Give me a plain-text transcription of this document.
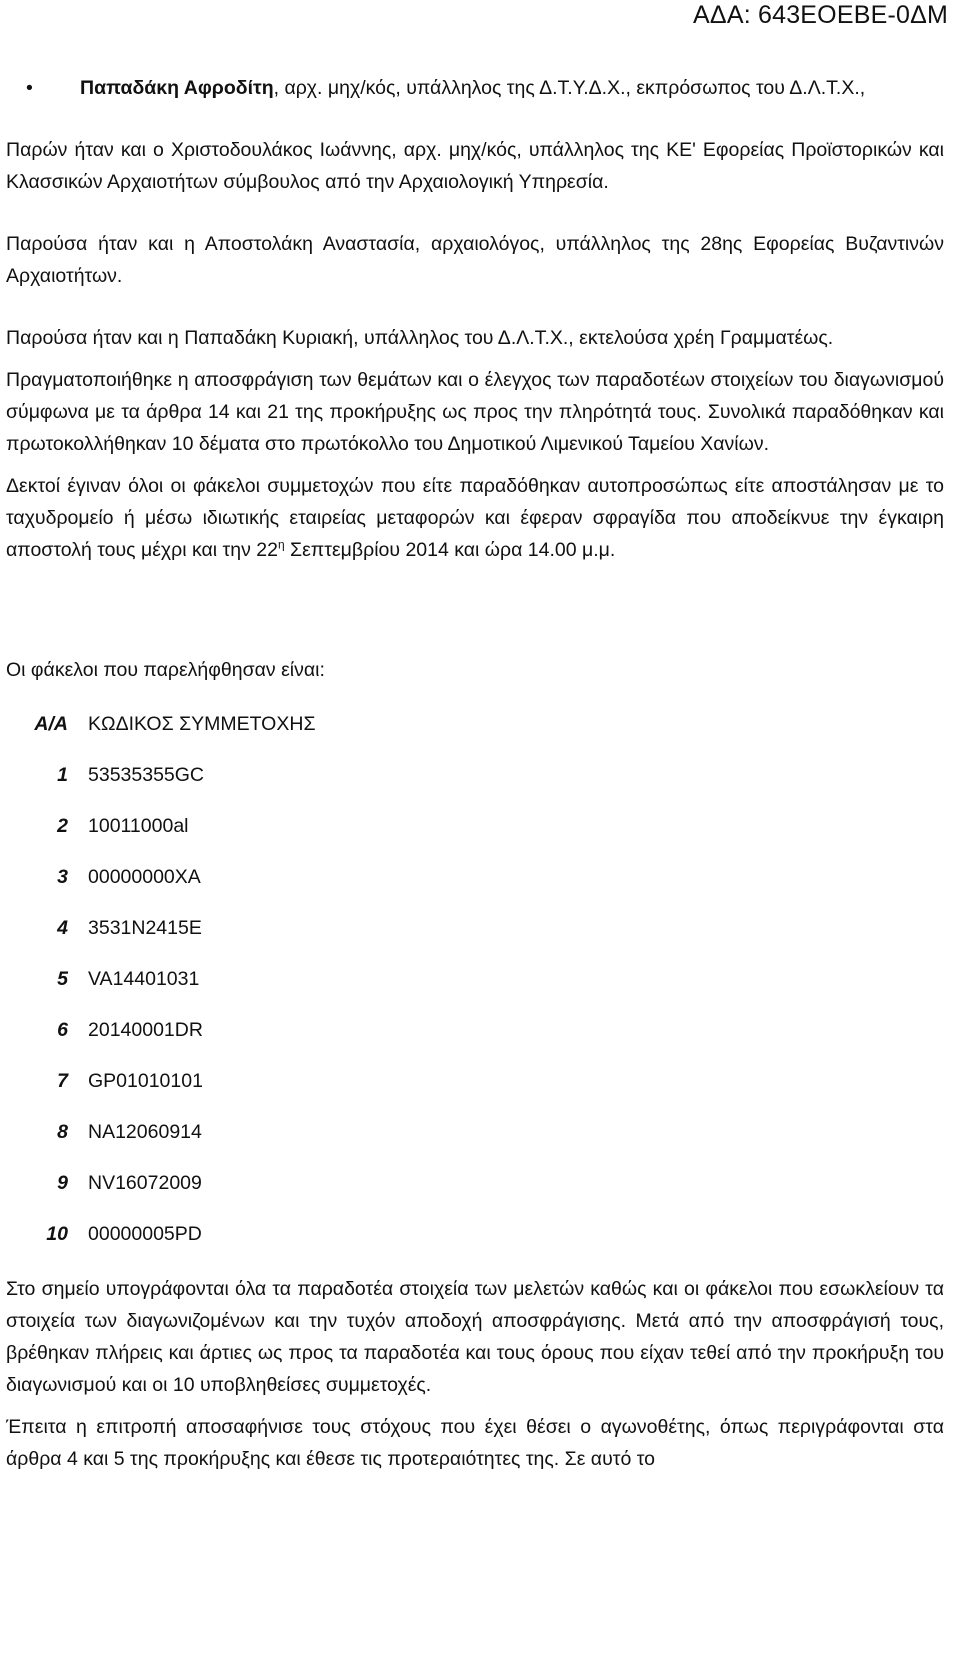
ΑΔΑ: 643ΕΟΕΒΕ-0ΔΜ
•	Παπαδάκη Αφροδίτη, αρχ. μηχ/κός, υπάλληλος της Δ.Τ.Υ.Δ.Χ., εκπρόσωπος του Δ.Λ.Τ.Χ.,

Παρών ήταν και ο Χριστοδουλάκος Ιωάννης, αρχ. μηχ/κός, υπάλληλος της ΚΕ' Εφορείας Προϊστορικών και Κλασσικών Αρχαιοτήτων σύμβουλος από την Αρχαιολογική Υπηρεσία.

Παρούσα ήταν και η Αποστολάκη Αναστασία, αρχαιολόγος, υπάλληλος της 28ης Εφορείας Βυζαντινών Αρχαιοτήτων.

Παρούσα ήταν και η Παπαδάκη Κυριακή, υπάλληλος του Δ.Λ.Τ.Χ., εκτελούσα χρέη Γραμματέως.

Πραγματοποιήθηκε η αποσφράγιση των θεμάτων και ο έλεγχος των παραδοτέων στοιχείων του διαγωνισμού σύμφωνα με τα άρθρα 14 και 21 της προκήρυξης ως προς την πληρότητά τους. Συνολικά παραδόθηκαν και πρωτοκολλήθηκαν 10 δέματα στο πρωτόκολλο του Δημοτικού Λιμενικού Ταμείου Χανίων.

Δεκτοί έγιναν όλοι οι φάκελοι συμμετοχών που είτε παραδόθηκαν αυτοπροσώπως είτε αποστάλησαν με το ταχυδρομείο ή μέσω ιδιωτικής εταιρείας μεταφορών και έφεραν σφραγίδα που αποδείκνυε την έγκαιρη αποστολή τους μέχρι και την $22^\eta$ Σεπτεμβρίου 2014 και ώρα 14.00 μ.μ.

Οι φάκελοι που παρελήφθησαν είναι:

Α/Α	ΚΩΔΙΚΟΣ ΣΥΜΜΕΤΟΧΗΣ
1	53535355GC
2	10011000al
3	00000000XA
4	3531N2415E
5	VA14401031
6	20140001DR
7	GP01010101
8	NA12060914
9	NV16072009
10	00000005PD

Στο σημείο υπογράφονται όλα τα παραδοτέα στοιχεία των μελετών καθώς και οι φάκελοι που εσωκλείουν τα στοιχεία των διαγωνιζομένων και την τυχόν αποδοχή αποσφράγισης. Μετά από την αποσφράγισή τους, βρέθηκαν πλήρεις και άρτιες ως προς τα παραδοτέα και τους όρους που είχαν τεθεί από την προκήρυξη του διαγωνισμού και οι 10 υποβληθείσες συμμετοχές.

Έπειτα η επιτροπή αποσαφήνισε τους στόχους που έχει θέσει ο αγωνοθέτης, όπως περιγράφονται στα άρθρα 4 και 5 της προκήρυξης και έθεσε τις προτεραιότητες της. Σε αυτό το
